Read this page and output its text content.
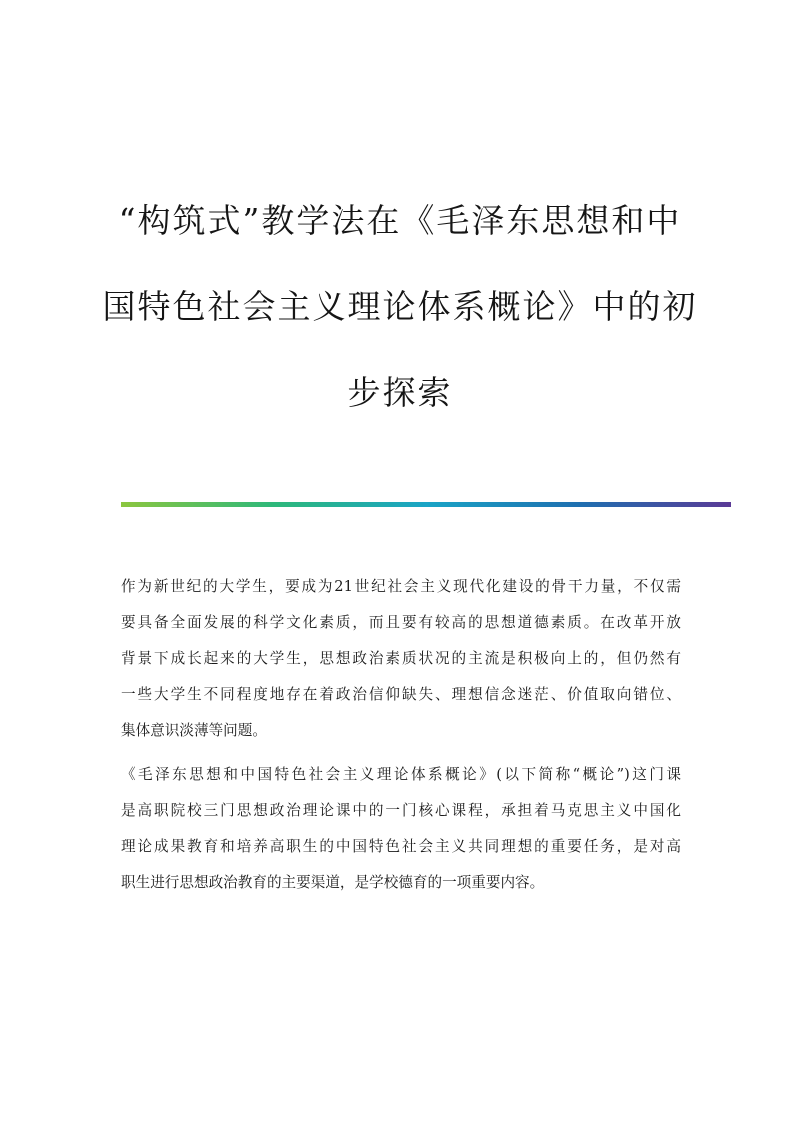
“构筑式”教学法在《毛泽东思想和中
国特色社会主义理论体系概论》中的初
步探索

作为新世纪的大学生，要成为21世纪社会主义现代化建设的骨干力量，不仅需
要具备全面发展的科学文化素质，而且要有较高的思想道德素质。在改革开放
背景下成长起来的大学生，思想政治素质状况的主流是积极向上的，但仍然有
一些大学生不同程度地存在着政治信仰缺失、理想信念迷茫、价值取向错位、
集体意识淡薄等问题。

《毛泽东思想和中国特色社会主义理论体系概论》(以下简称“概论”)这门课
是高职院校三门思想政治理论课中的一门核心课程，承担着马克思主义中国化
理论成果教育和培养高职生的中国特色社会主义共同理想的重要任务，是对高
职生进行思想政治教育的主要渠道，是学校德育的一项重要内容。
